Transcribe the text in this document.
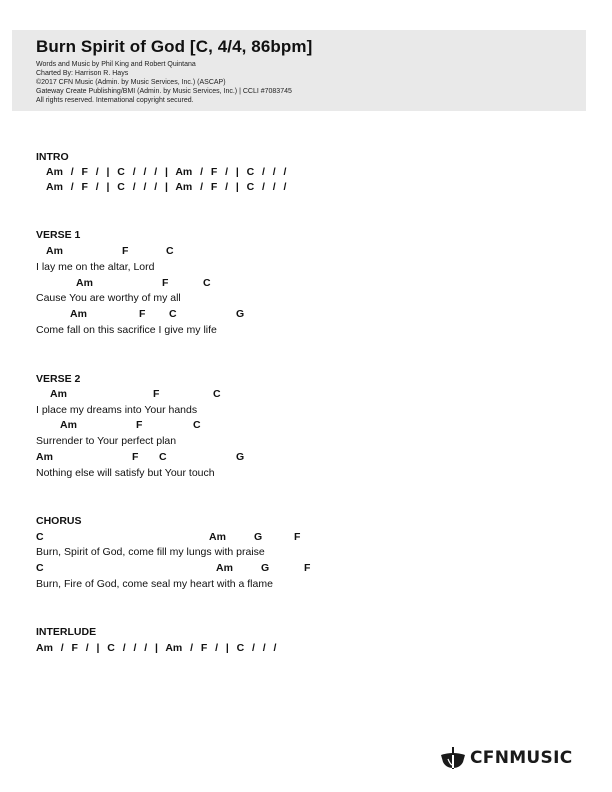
Burn Spirit of God [C, 4/4, 86bpm]
Words and Music by Phil King and Robert Quintana
Charted By: Harrison R. Hays
©2017 CFN Music (Admin. by Music Services, Inc.) (ASCAP)
Gateway Create Publishing/BMI (Admin. by Music Services, Inc.) | CCLI #7083745
All rights reserved. International copyright secured.
INTRO
Am  /  F  /  |  C  /  /  /  |  Am  /  F  /  |  C  /  /  /
Am  /  F  /  |  C  /  /  /  |  Am  /  F  /  |  C  /  /  /
VERSE 1
Am	F	C
I lay me on the altar, Lord
Am	F	C
Cause You are worthy of my all
Am	F C	G
Come fall on this sacrifice I give my life
VERSE 2
Am	F	C
I place my dreams into Your hands
Am	F	C
Surrender to Your perfect plan
Am	F C	G
Nothing else will satisfy but Your touch
CHORUS
C	Am	G	F
Burn, Spirit of God, come fill my lungs with praise
C	Am	G	F
Burn, Fire of God, come seal my heart with a flame
INTERLUDE
Am  /  F  /  |  C  /  /  /  |  Am  /  F  /  |  C  /  /  /
CFNMUSIC
